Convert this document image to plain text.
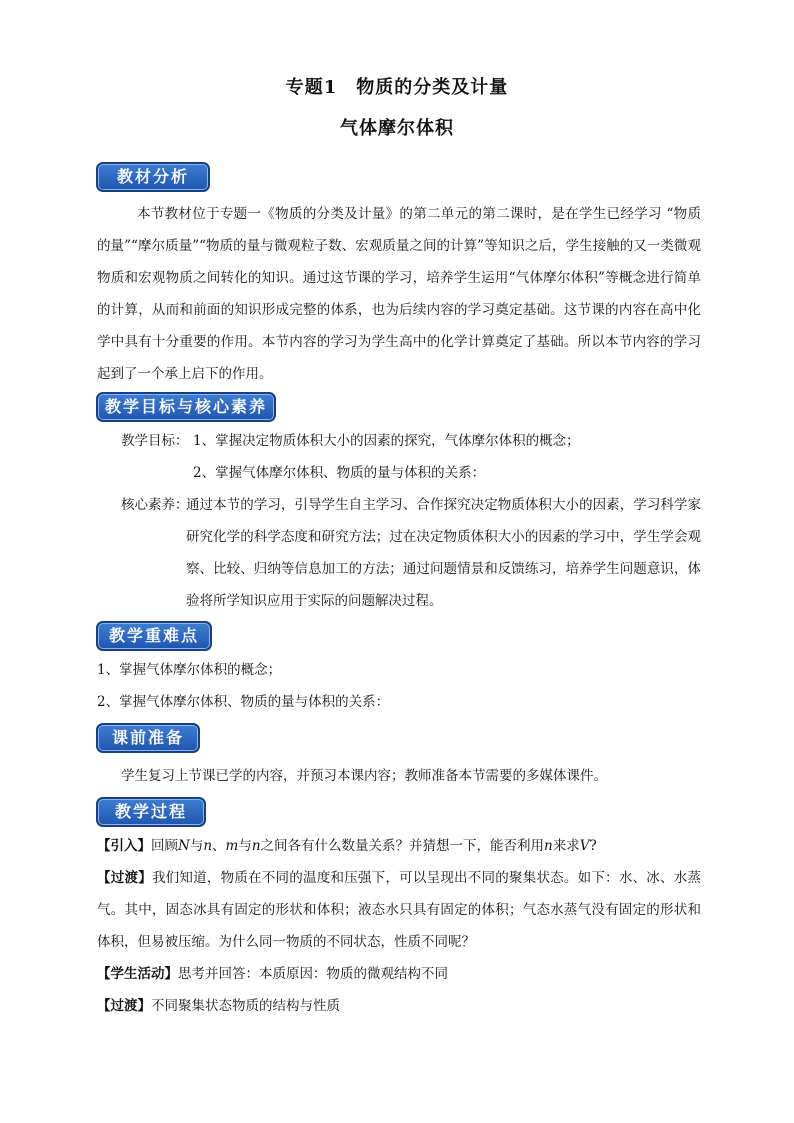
专题1　物质的分类及计量
气体摩尔体积
教材分析
本节教材位于专题一《物质的分类及计量》的第二单元的第二课时，是在学生已经学习 “物质的量”“摩尔质量”“物质的量与微观粒子数、宏观质量之间的计算”等知识之后，学生接触的又一类微观物质和宏观物质之间转化的知识。通过这节课的学习，培养学生运用“气体摩尔体积”等概念进行简单的计算，从而和前面的知识形成完整的体系，也为后续内容的学习奠定基础。这节课的内容在高中化学中具有十分重要的作用。本节内容的学习为学生高中的化学计算奠定了基础。所以本节内容的学习起到了一个承上启下的作用。
教学目标与核心素养
教学目标： 1、掌握决定物质体积大小的因素的探究，气体摩尔体积的概念；
2、掌握气体摩尔体积、物质的量与体积的关系：
核心素养：
通过本节的学习，引导学生自主学习、合作探究决定物质体积大小的因素，学习科学家研究化学的科学态度和研究方法；过在决定物质体积大小的因素的学习中，学生学会观察、比较、归纳等信息加工的方法；通过问题情景和反馈练习，培养学生问题意识，体验将所学知识应用于实际的问题解决过程。
教学重难点
1、掌握气体摩尔体积的概念；
2、掌握气体摩尔体积、物质的量与体积的关系：
课前准备
学生复习上节课已学的内容，并预习本课内容；教师准备本节需要的多媒体课件。
教学过程
【引入】回顾N与n、m与n之间各有什么数量关系？并猜想一下，能否利用n来求V?
【过渡】我们知道，物质在不同的温度和压强下，可以呈现出不同的聚集状态。如下：水、冰、水蒸气。其中，固态冰具有固定的形状和体积；液态水只具有固定的体积；气态水蒸气没有固定的形状和体积，但易被压缩。为什么同一物质的不同状态，性质不同呢？
【学生活动】思考并回答：本质原因：物质的微观结构不同
【过渡】不同聚集状态物质的结构与性质
